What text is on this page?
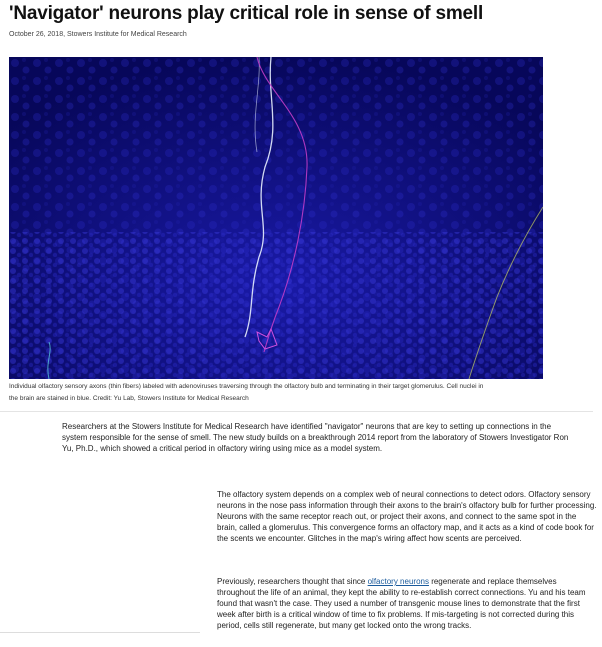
'Navigator' neurons play critical role in sense of smell
October 26, 2018, Stowers Institute for Medical Research
Individual olfactory sensory axons (thin fibers) labeled with adenoviruses traversing through the olfactory bulb and terminating in their target glomerulus. Cell nuclei in
the brain are stained in blue. Credit: Yu Lab, Stowers Institute for Medical Research

Researchers at the Stowers Institute for Medical Research have identified "navigator" neurons that are key to setting up connections in the system responsible for the sense of smell. The new study builds on a breakthrough 2014 report from the laboratory of Stowers Investigator Ron Yu, Ph.D., which showed a critical period in olfactory wiring using mice as a model system.

The olfactory system depends on a complex web of neural connections to detect odors. Olfactory sensory neurons in the nose pass information through their axons to the brain's olfactory bulb for further processing. Neurons with the same receptor reach out, or project their axons, and connect to the same spot in the brain, called a glomerulus. This convergence forms an olfactory map, and it acts as a kind of code book for the scents we encounter. Glitches in the map's wiring affect how scents are perceived.

Previously, researchers thought that since olfactory neurons regenerate and replace themselves throughout the life of an animal, they kept the ability to re-establish correct connections. Yu and his team found that wasn't the case. They used a number of transgenic mouse lines to demonstrate that the first week after birth is a critical window of time to fix problems. If mis-targeting is not corrected during this period, cells still regenerate, but many get locked onto the wrong tracks.
